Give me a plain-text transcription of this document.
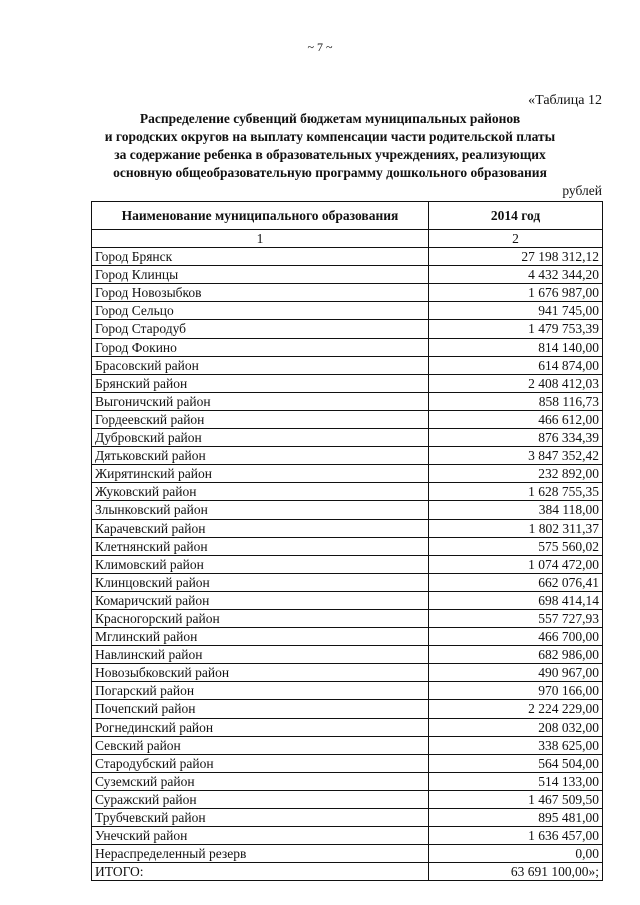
~ 7 ~
«Таблица 12
Распределение субвенций бюджетам муниципальных районов
и городских округов на выплату компенсации части родительской платы
за содержание ребенка в образовательных учреждениях, реализующих
основную общеобразовательную программу дошкольного образования
рублей
Наименование муниципального образования	2014 год
1	2
Город Брянск	27 198 312,12
Город Клинцы	4 432 344,20
Город Новозыбков	1 676 987,00
Город Сельцо	941 745,00
Город Стародуб	1 479 753,39
Город Фокино	814 140,00
Брасовский район	614 874,00
Брянский район	2 408 412,03
Выгоничский район	858 116,73
Гордеевский район	466 612,00
Дубровский район	876 334,39
Дятьковский район	3 847 352,42
Жирятинский район	232 892,00
Жуковский район	1 628 755,35
Злынковский район	384 118,00
Карачевский район	1 802 311,37
Клетнянский район	575 560,02
Климовский район	1 074 472,00
Клинцовский район	662 076,41
Комаричский район	698 414,14
Красногорский район	557 727,93
Мглинский район	466 700,00
Навлинский район	682 986,00
Новозыбковский район	490 967,00
Погарский район	970 166,00
Почепский район	2 224 229,00
Рогнединский район	208 032,00
Севский район	338 625,00
Стародубский район	564 504,00
Суземский район	514 133,00
Суражский район	1 467 509,50
Трубчевский район	895 481,00
Унечский район	1 636 457,00
Нераспределенный резерв	0,00
ИТОГО:	63 691 100,00»;
